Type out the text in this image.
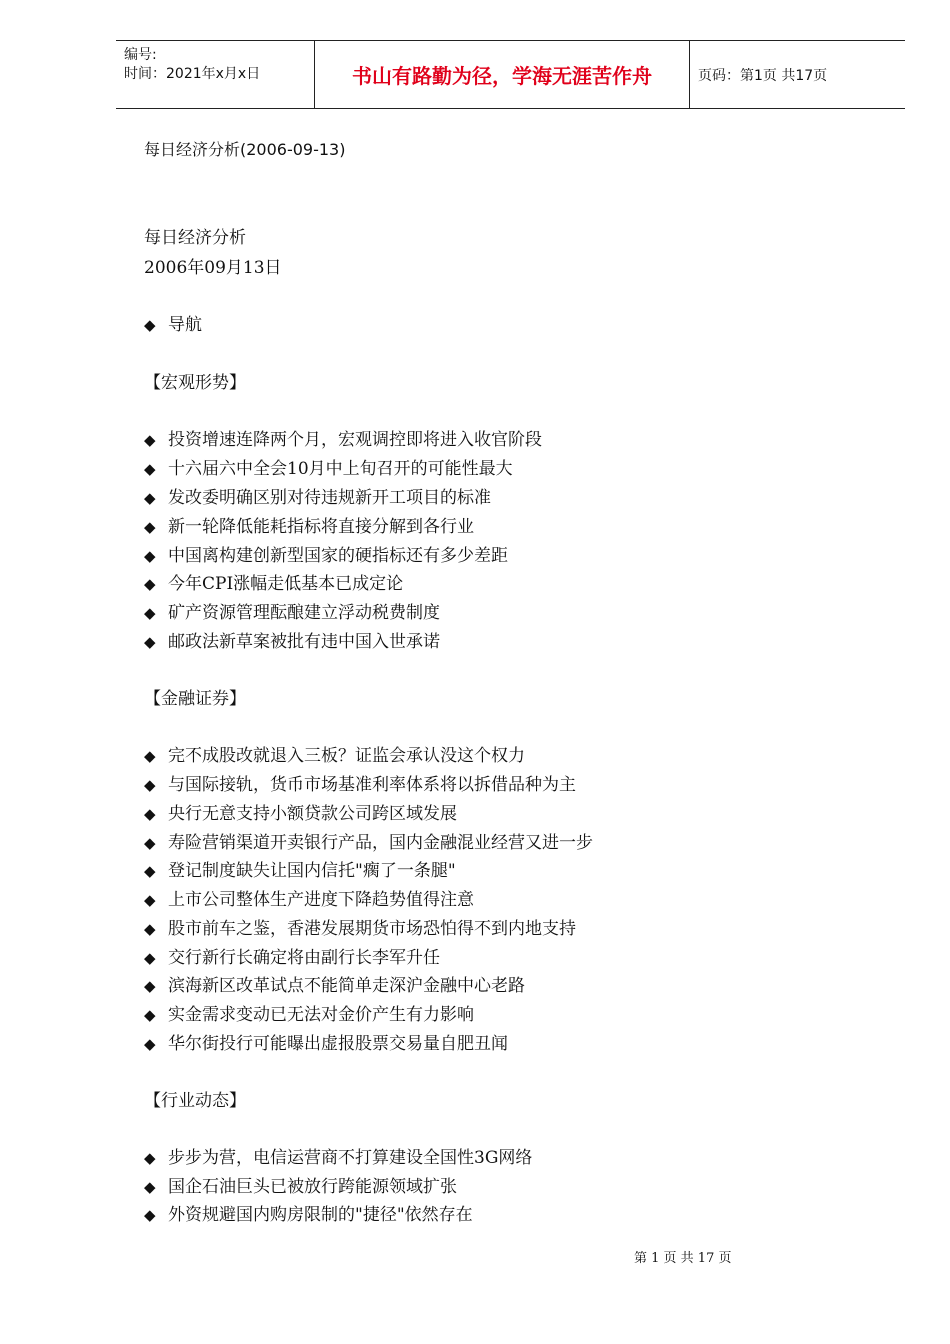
编号:
时间：2021年x月x日	书山有路勤为径，学海无涯苦作舟	页码：第1页 共17页
每日经济分析(2006-09-13)
每日经济分析
2006年09月13日
◆ 导航
【宏观形势】
◆ 投资增速连降两个月，宏观调控即将进入收官阶段
◆ 十六届六中全会10月中上旬召开的可能性最大
◆ 发改委明确区别对待违规新开工项目的标准
◆ 新一轮降低能耗指标将直接分解到各行业
◆ 中国离构建创新型国家的硬指标还有多少差距
◆ 今年CPI涨幅走低基本已成定论
◆ 矿产资源管理酝酿建立浮动税费制度
◆ 邮政法新草案被批有违中国入世承诺
【金融证券】
◆ 完不成股改就退入三板？证监会承认没这个权力
◆ 与国际接轨，货币市场基准利率体系将以拆借品种为主
◆ 央行无意支持小额贷款公司跨区域发展
◆ 寿险营销渠道开卖银行产品，国内金融混业经营又进一步
◆ 登记制度缺失让国内信托"瘸了一条腿"
◆ 上市公司整体生产进度下降趋势值得注意
◆ 股市前车之鉴，香港发展期货市场恐怕得不到内地支持
◆ 交行新行长确定将由副行长李军升任
◆ 滨海新区改革试点不能简单走深沪金融中心老路
◆ 实金需求变动已无法对金价产生有力影响
◆ 华尔街投行可能曝出虚报股票交易量自肥丑闻
【行业动态】
◆ 步步为营，电信运营商不打算建设全国性3G网络
◆ 国企石油巨头已被放行跨能源领域扩张
◆ 外资规避国内购房限制的"捷径"依然存在
第 1 页 共 17 页
